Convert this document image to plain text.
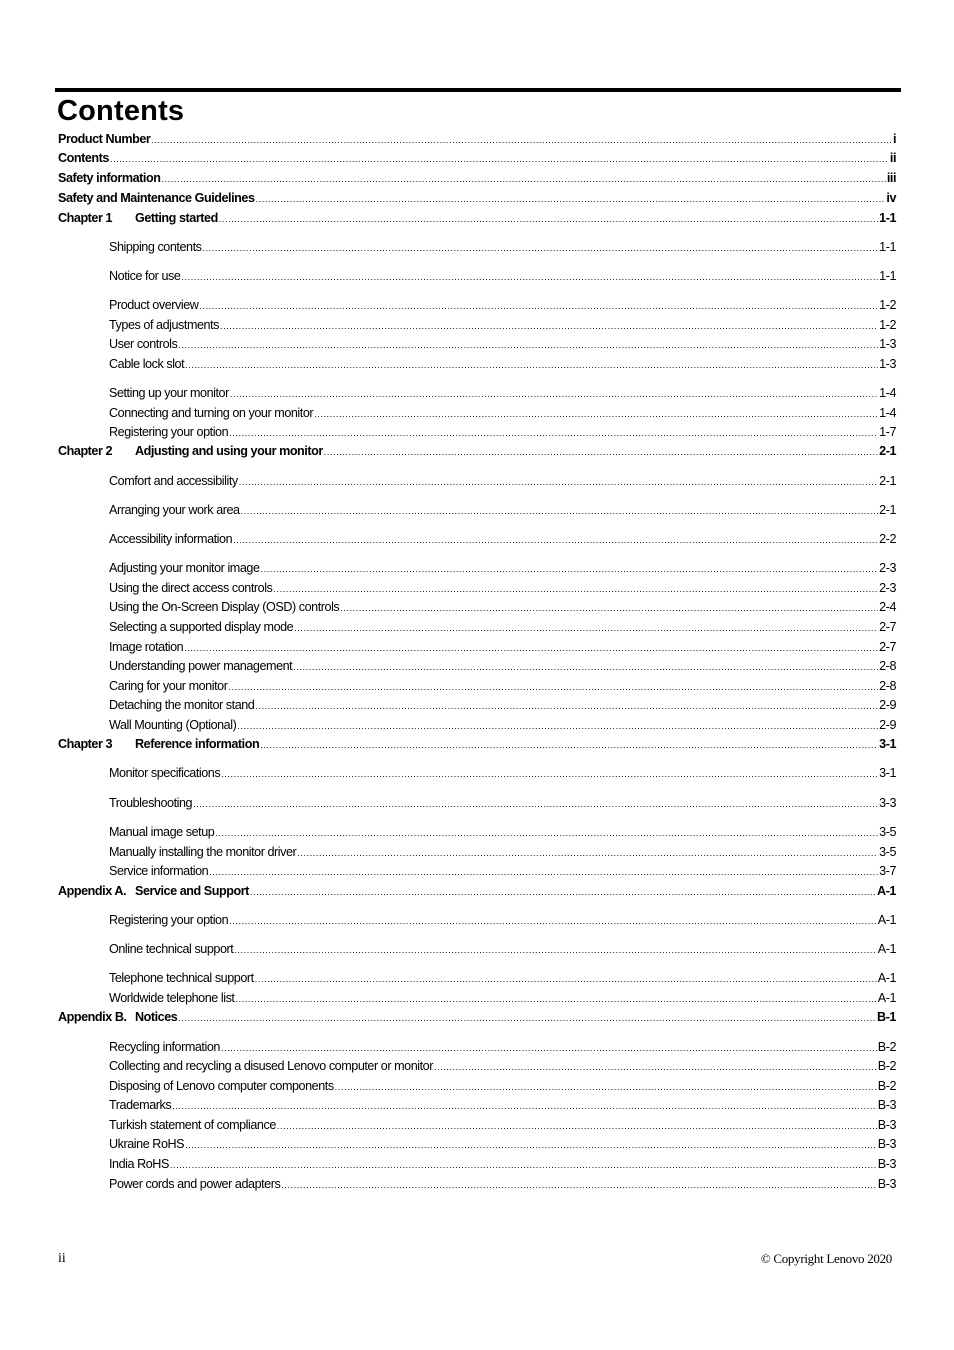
Contents
Product Number .....	i
Contents .....	ii
Safety information .....	iii
Safety and Maintenance Guidelines .....	iv
Chapter 1 Getting started .....	1-1
Shipping contents .....	1-1
Notice for use .....	1-1
Product overview .....	1-2
Types of adjustments .....	1-2
User controls .....	1-3
Cable lock slot .....	1-3
Setting up your monitor .....	1-4
Connecting and turning on your monitor .....	1-4
Registering your option .....	1-7
Chapter 2 Adjusting and using your monitor .....	2-1
Comfort and accessibility .....	2-1
Arranging your work area .....	2-1
Accessibility information .....	2-2
Adjusting your monitor image .....	2-3
Using the direct access controls .....	2-3
Using the On-Screen Display (OSD) controls .....	2-4
Selecting a supported display mode .....	2-7
Image rotation .....	2-7
Understanding power management .....	2-8
Caring for your monitor .....	2-8
Detaching the monitor stand .....	2-9
Wall Mounting (Optional) .....	2-9
Chapter 3 Reference information .....	3-1
Monitor specifications .....	3-1
Troubleshooting .....	3-3
Manual image setup .....	3-5
Manually installing the monitor driver .....	3-5
Service information .....	3-7
Appendix A. Service and Support .....	A-1
Registering your option .....	A-1
Online technical support .....	A-1
Telephone technical support .....	A-1
Worldwide telephone list .....	A-1
Appendix B. Notices .....	B-1
Recycling information .....	B-2
Collecting and recycling a disused Lenovo computer or monitor .....	B-2
Disposing of Lenovo computer components .....	B-2
Trademarks .....	B-3
Turkish statement of compliance .....	B-3
Ukraine RoHS .....	B-3
India RoHS .....	B-3
Power cords and power adapters .....	B-3
ii	© Copyright Lenovo 2020
